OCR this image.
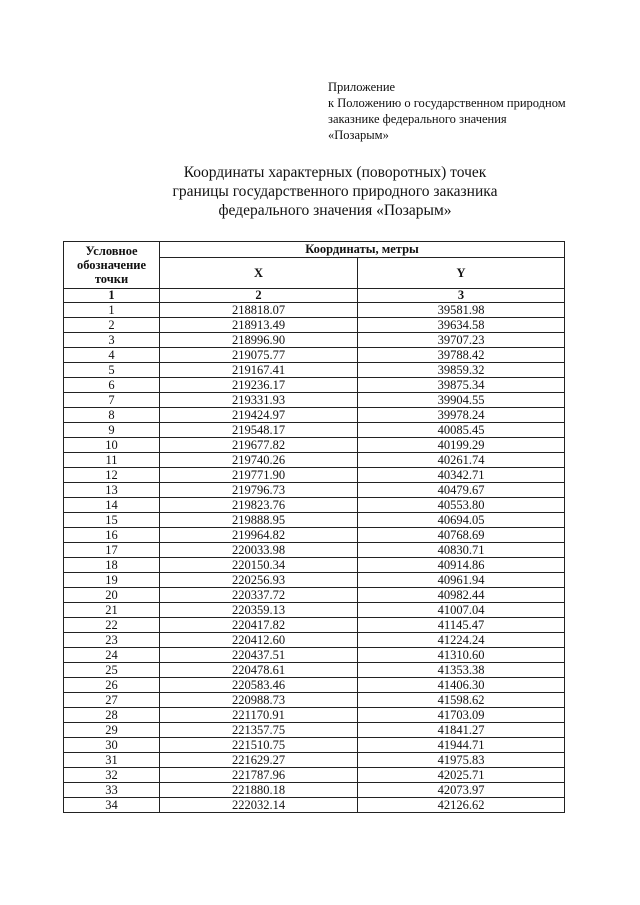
Приложение
к Положению о государственном природном
заказнике федерального значения
«Позарым»
Координаты характерных (поворотных) точек
границы государственного природного заказника
федерального значения «Позарым»
Условное обозначение точки	Координаты, метры	
	X	Y
1	2	3
1	218818.07	39581.98
2	218913.49	39634.58
3	218996.90	39707.23
4	219075.77	39788.42
5	219167.41	39859.32
6	219236.17	39875.34
7	219331.93	39904.55
8	219424.97	39978.24
9	219548.17	40085.45
10	219677.82	40199.29
11	219740.26	40261.74
12	219771.90	40342.71
13	219796.73	40479.67
14	219823.76	40553.80
15	219888.95	40694.05
16	219964.82	40768.69
17	220033.98	40830.71
18	220150.34	40914.86
19	220256.93	40961.94
20	220337.72	40982.44
21	220359.13	41007.04
22	220417.82	41145.47
23	220412.60	41224.24
24	220437.51	41310.60
25	220478.61	41353.38
26	220583.46	41406.30
27	220988.73	41598.62
28	221170.91	41703.09
29	221357.75	41841.27
30	221510.75	41944.71
31	221629.27	41975.83
32	221787.96	42025.71
33	221880.18	42073.97
34	222032.14	42126.62
